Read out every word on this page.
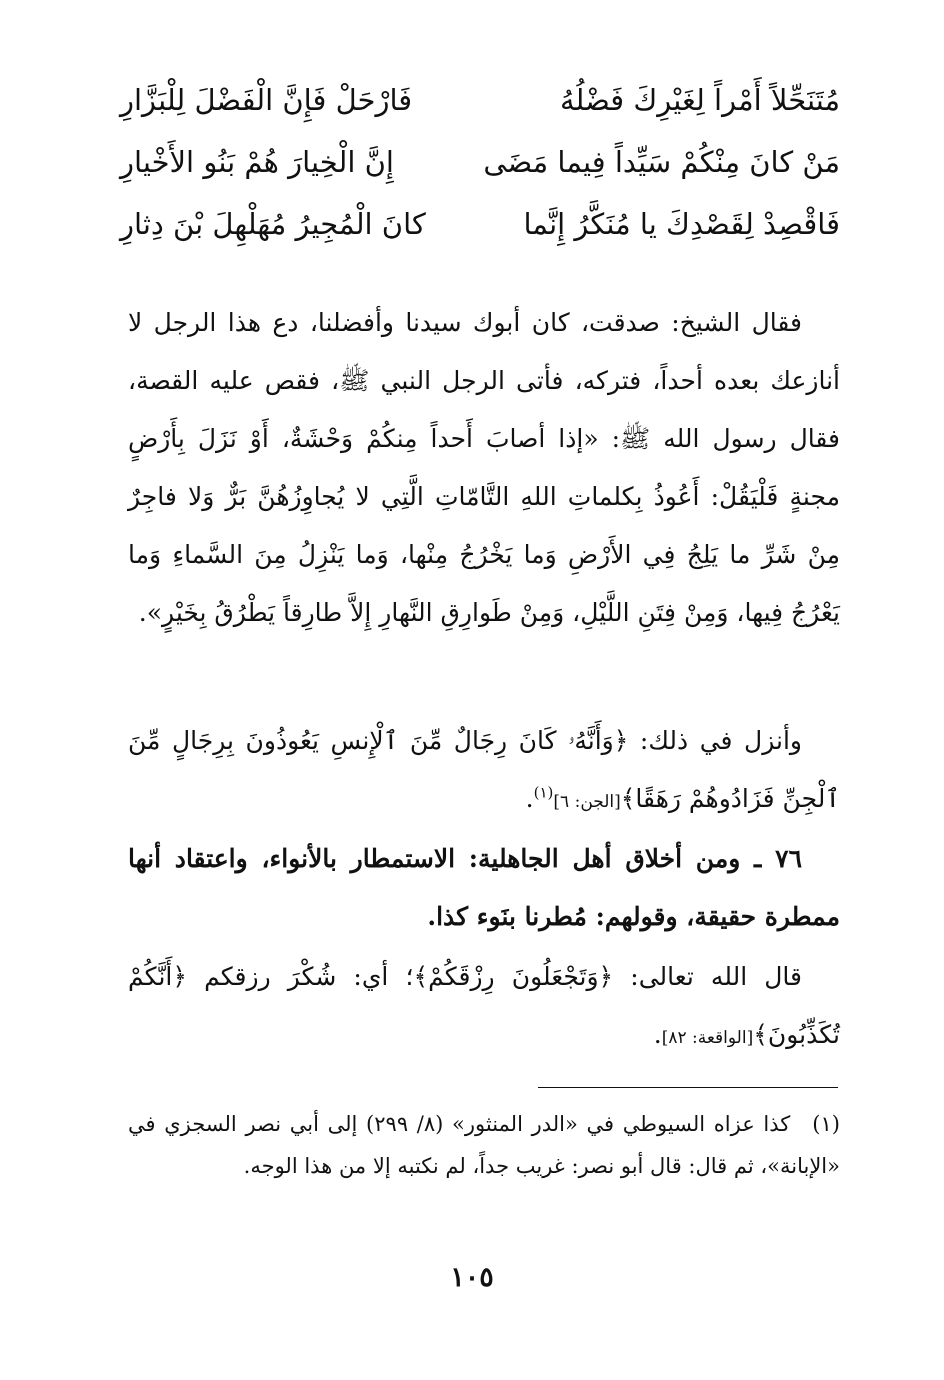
مُتَنَحِّلاً أَمْراً لِغَيْرِكَ فَضْلُهُ
فَارْحَلْ فَإِنَّ الْفَضْلَ لِلْبَزَّارِ
مَنْ كانَ مِنْكُمْ سَيِّداً فِيما مَضَى
إِنَّ الْخِيارَ هُمْ بَنُو الأَخْيارِ
فَاقْصِدْ لِقَصْدِكَ يا مُنَكَّرُ إِنَّما
كانَ الْمُجِيرُ مُهَلْهِلَ بْنَ دِثارِ

فقال الشيخ: صدقت، كان أبوك سيدنا وأفضلنا، دع هذا الرجل لا أنازعك بعده أحداً، فتركه، فأتى الرجل النبي ﷺ، فقص عليه القصة، فقال رسول الله ﷺ: «إذا أصابَ أَحداً مِنكُمْ وَحْشَةٌ، أَوْ نَزَلَ بِأَرْضٍ مجنةٍ فَلْيَقُلْ: أَعُوذُ بِكلماتِ اللهِ التَّامّاتِ الَّتِي لا يُجاوِزُهُنَّ بَرٌّ وَلا فاجِرٌ مِنْ شَرِّ ما يَلِجُ فِي الأَرْضِ وَما يَخْرُجُ مِنْها، وَما يَنْزِلُ مِنَ السَّماءِ وَما يَعْرُجُ فِيها، وَمِنْ فِتَنِ اللَّيْلِ، وَمِنْ طَوارِقِ النَّهارِ إِلاَّ طارِقاً يَطْرُقُ بِخَيْرٍ».

وأنزل في ذلك: ﴿وَأَنَّهُۥ كَانَ رِجَالٌ مِّنَ ٱلْإِنسِ يَعُوذُونَ بِرِجَالٍ مِّنَ ٱلْجِنِّ فَزَادُوهُمْ رَهَقًا﴾[الجن: ٦]$^{(١)}$.

٧٦ ـ ومن أخلاق أهل الجاهلية: الاستمطار بالأنواء، واعتقاد أنها ممطرة حقيقة، وقولهم: مُطرنا بنَوء كذا.

قال الله تعالى: ﴿وَتَجْعَلُونَ رِزْقَكُمْ﴾؛ أي: شُكْرَ رزقكم ﴿أَنَّكُمْ تُكَذِّبُونَ﴾[الواقعة: ٨٢].

(١)كذا عزاه السيوطي في «الدر المنثور» (٨/ ٢٩٩) إلى أبي نصر السجزي في «الإبانة»، ثم قال: قال أبو نصر: غريب جداً، لم نكتبه إلا من هذا الوجه.

١٠٥
